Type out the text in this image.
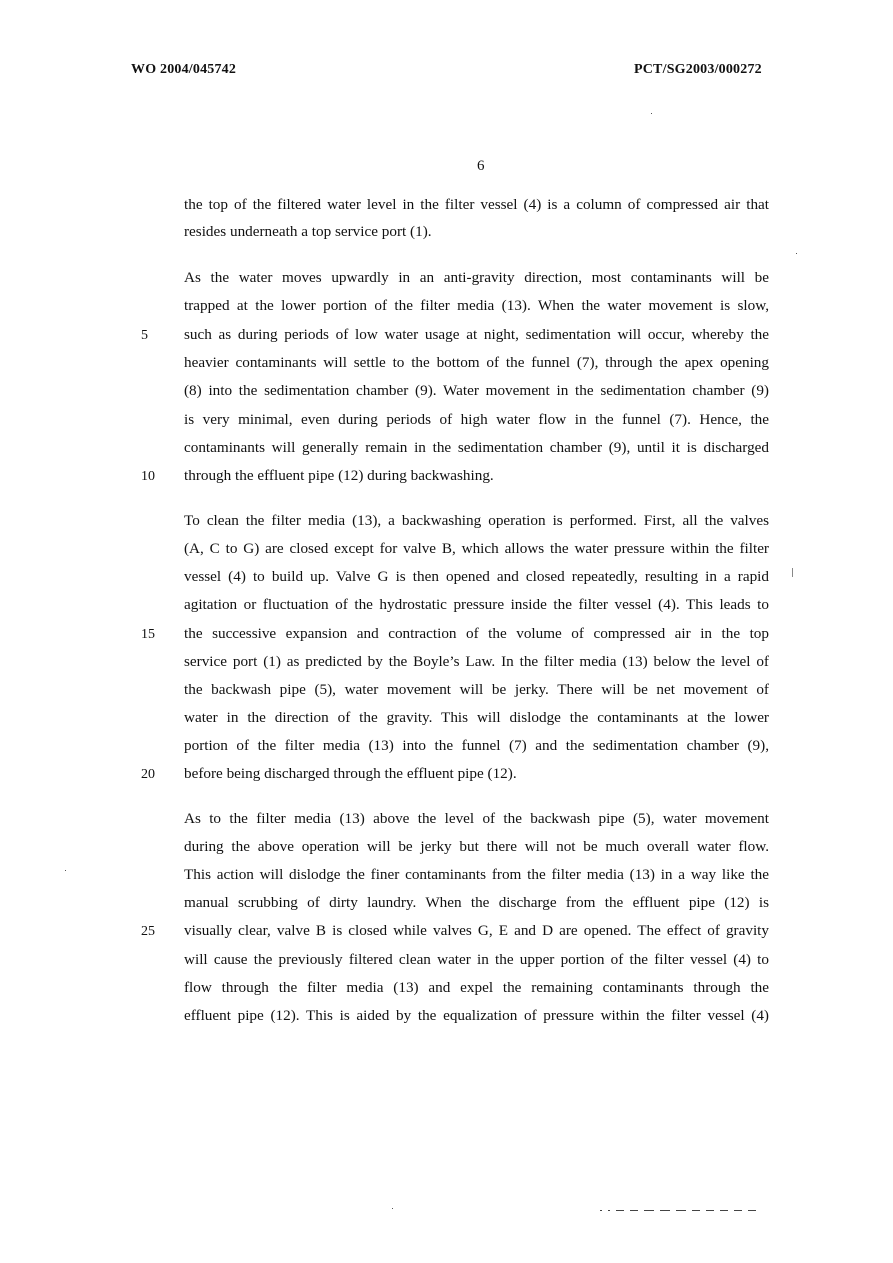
WO 2004/045742	PCT/SG2003/000272
6
5
10
15
20
25
the top of the filtered water level in the filter vessel (4) is a column of compressed air that
resides underneath a top service port (1).
As the water moves upwardly in an anti-gravity direction, most contaminants will be
trapped at the lower portion of the filter media (13). When the water movement is slow,
such as during periods of low water usage at night, sedimentation will occur, whereby the
heavier contaminants will settle to the bottom of the funnel (7), through the apex opening
(8) into the sedimentation chamber (9). Water movement in the sedimentation chamber (9)
is very minimal, even during periods of high water flow in the funnel (7). Hence, the
contaminants will generally remain in the sedimentation chamber (9), until it is discharged
through the effluent pipe (12) during backwashing.
To clean the filter media (13), a backwashing operation is performed. First, all the valves
(A, C to G) are closed except for valve B, which allows the water pressure within the filter
vessel (4) to build up. Valve G is then opened and closed repeatedly, resulting in a rapid
agitation or fluctuation of the hydrostatic pressure inside the filter vessel (4). This leads to
the successive expansion and contraction of the volume of compressed air in the top
service port (1) as predicted by the Boyle’s Law. In the filter media (13) below the level of
the backwash pipe (5), water movement will be jerky. There will be net movement of
water in the direction of the gravity. This will dislodge the contaminants at the lower
portion of the filter media (13) into the funnel (7) and the sedimentation chamber (9),
before being discharged through the effluent pipe (12).
As to the filter media (13) above the level of the backwash pipe (5), water movement
during the above operation will be jerky but there will not be much overall water flow.
This action will dislodge the finer contaminants from the filter media (13) in a way like the
manual scrubbing of dirty laundry. When the discharge from the effluent pipe (12) is
visually clear, valve B is closed while valves G, E and D are opened. The effect of gravity
will cause the previously filtered clean water in the upper portion of the filter vessel (4) to
flow through the filter media (13) and expel the remaining contaminants through the
effluent pipe (12). This is aided by the equalization of pressure within the filter vessel (4)
